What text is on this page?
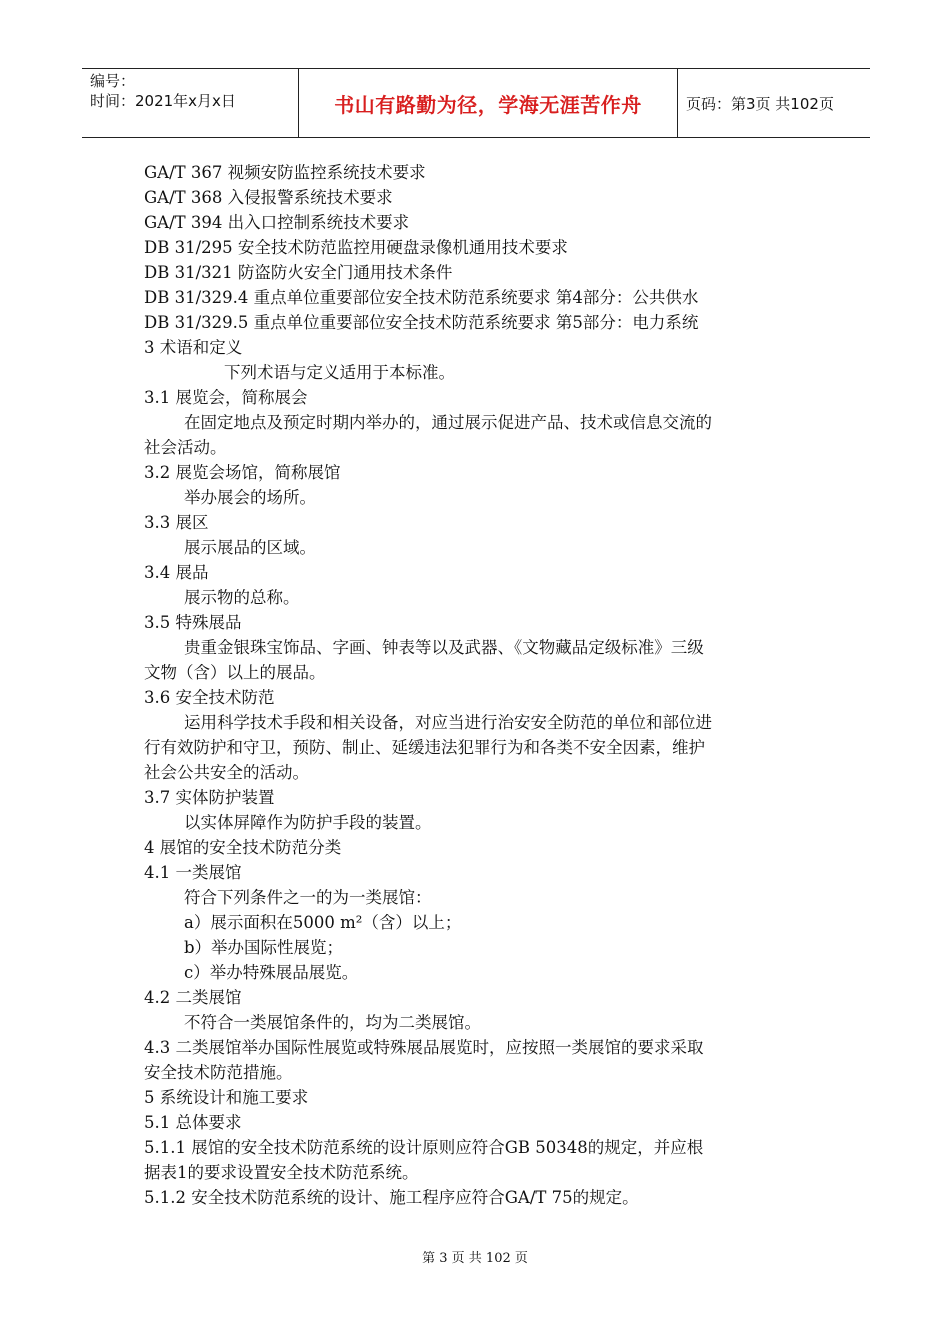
编号：
时间：2021年x月x日	书山有路勤为径，学海无涯苦作舟	页码：第3页 共102页
GA/T 367 视频安防监控系统技术要求
GA/T 368 入侵报警系统技术要求
GA/T 394 出入口控制系统技术要求
DB 31/295 安全技术防范监控用硬盘录像机通用技术要求
DB 31/321 防盗防火安全门通用技术条件
DB 31/329.4 重点单位重要部位安全技术防范系统要求 第4部分：公共供水
DB 31/329.5 重点单位重要部位安全技术防范系统要求 第5部分：电力系统
3 术语和定义
下列术语与定义适用于本标准。
3.1 展览会，简称展会
在固定地点及预定时期内举办的，通过展示促进产品、技术或信息交流的
社会活动。
3.2 展览会场馆，简称展馆
举办展会的场所。
3.3 展区
展示展品的区域。
3.4 展品
展示物的总称。
3.5 特殊展品
贵重金银珠宝饰品、字画、钟表等以及武器、《文物藏品定级标准》三级
文物（含）以上的展品。
3.6 安全技术防范
运用科学技术手段和相关设备，对应当进行治安安全防范的单位和部位进
行有效防护和守卫，预防、制止、延缓违法犯罪行为和各类不安全因素，维护
社会公共安全的活动。
3.7 实体防护装置
以实体屏障作为防护手段的装置。
4 展馆的安全技术防范分类
4.1 一类展馆
符合下列条件之一的为一类展馆：
a）展示面积在5000 m²（含）以上；
b）举办国际性展览；
c）举办特殊展品展览。
4.2 二类展馆
不符合一类展馆条件的，均为二类展馆。
4.3 二类展馆举办国际性展览或特殊展品展览时，应按照一类展馆的要求采取
安全技术防范措施。
5 系统设计和施工要求
5.1 总体要求
5.1.1 展馆的安全技术防范系统的设计原则应符合GB 50348的规定，并应根
据表1的要求设置安全技术防范系统。
5.1.2 安全技术防范系统的设计、施工程序应符合GA/T 75的规定。
第 3 页 共 102 页
